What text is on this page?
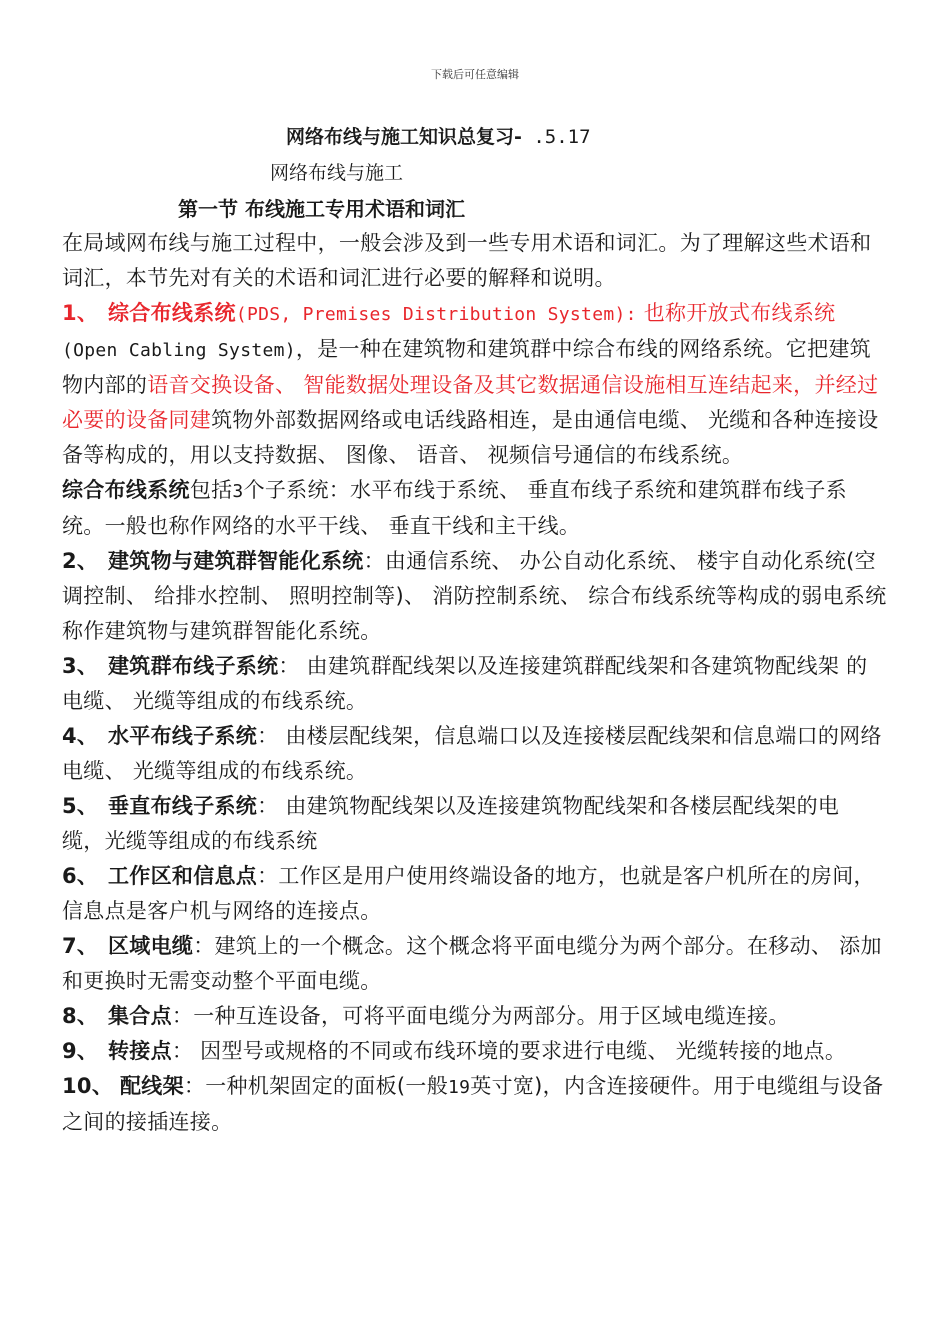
下载后可任意编辑
网络布线与施工知识总复习- .5.17
网络布线与施工
第一节 布线施工专用术语和词汇

在局域网布线与施工过程中，一般会涉及到一些专用术语和词汇。为了理解这些术语和词汇，本节先对有关的术语和词汇进行必要的解释和说明。

1、 综合布线系统(PDS, Premises Distribution System): 也称开放式布线系统(Open Cabling System)，是一种在建筑物和建筑群中综合布线的网络系统。它把建筑物内部的语音交换设备、 智能数据处理设备及其它数据通信设施相互连结起来，并经过必要的设备同建筑物外部数据网络或电话线路相连，是由通信电缆、 光缆和各种连接设备等构成的，用以支持数据、 图像、 语音、 视频信号通信的布线系统。

综合布线系统包括3个子系统：水平布线于系统、 垂直布线子系统和建筑群布线子系统。一般也称作网络的水平干线、 垂直干线和主干线。

2、 建筑物与建筑群智能化系统：由通信系统、 办公自动化系统、 楼宇自动化系统(空调控制、 给排水控制、 照明控制等)、 消防控制系统、 综合布线系统等构成的弱电系统称作建筑物与建筑群智能化系统。

3、 建筑群布线子系统： 由建筑群配线架以及连接建筑群配线架和各建筑物配线架 的电缆、 光缆等组成的布线系统。

4、 水平布线子系统： 由楼层配线架，信息端口以及连接楼层配线架和信息端口的网络电缆、 光缆等组成的布线系统。

5、 垂直布线子系统： 由建筑物配线架以及连接建筑物配线架和各楼层配线架的电 缆，光缆等组成的布线系统

6、 工作区和信息点：工作区是用户使用终端设备的地方，也就是客户机所在的房间，信息点是客户机与网络的连接点。

7、 区域电缆：建筑上的一个概念。这个概念将平面电缆分为两个部分。在移动、 添加和更换时无需变动整个平面电缆。

8、 集合点：一种互连设备，可将平面电缆分为两部分。用于区域电缆连接。

9、 转接点： 因型号或规格的不同或布线环境的要求进行电缆、 光缆转接的地点。

10、 配线架：一种机架固定的面板(一般19英寸宽)，内含连接硬件。用于电缆组与设备之间的接插连接。
